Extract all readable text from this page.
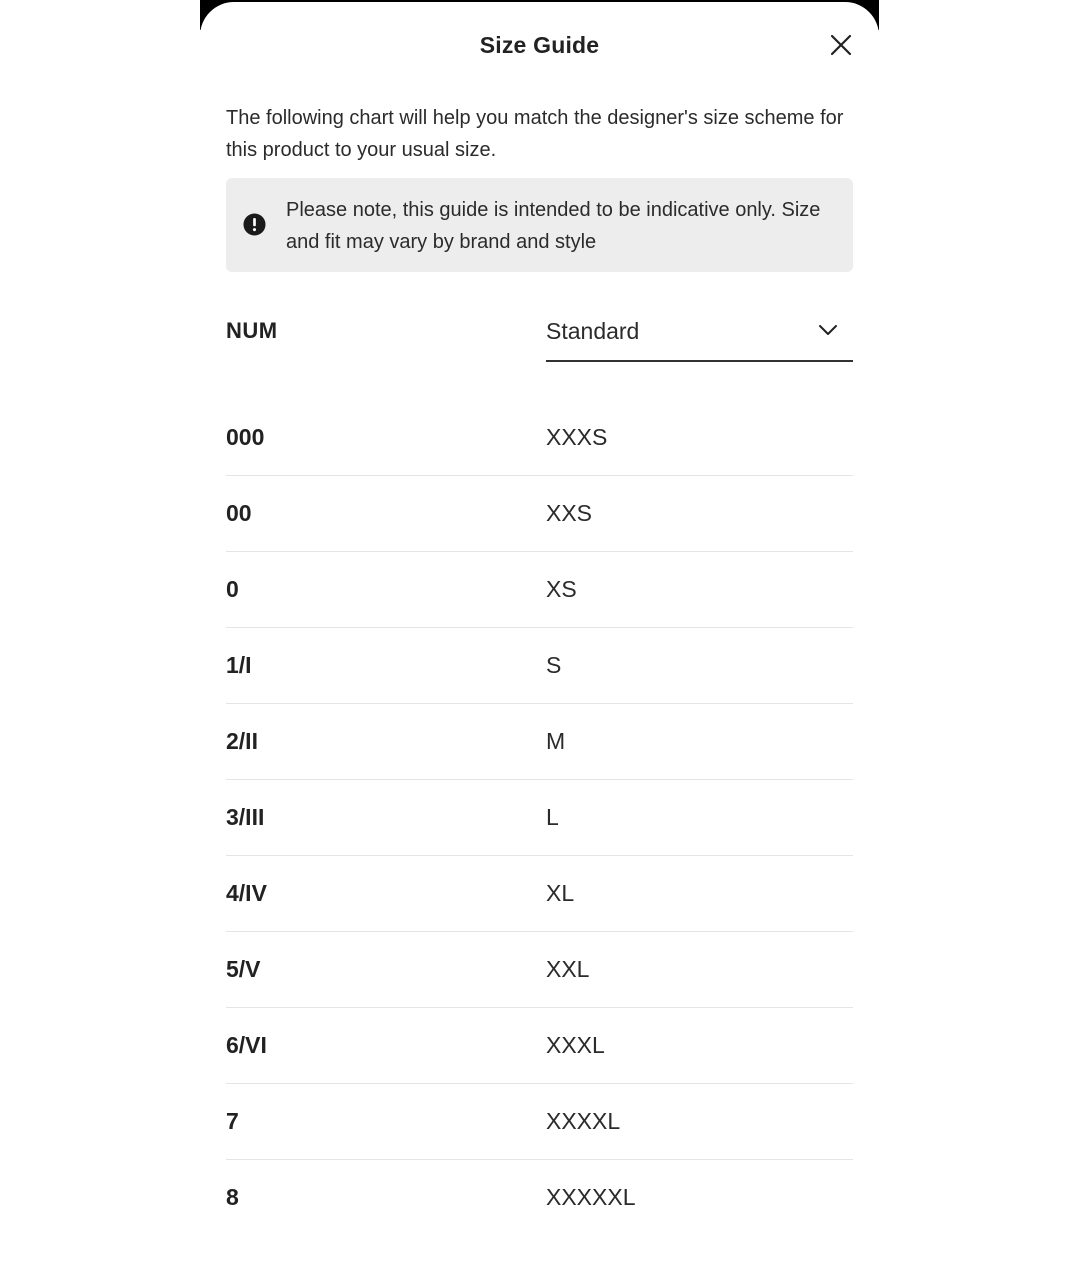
Size Guide
The following chart will help you match the designer's size scheme for this product to your usual size.
Please note, this guide is intended to be indicative only. Size and fit may vary by brand and style
NUM	Standard
000	XXXS
00	XXS
0	XS
1/I	S
2/II	M
3/III	L
4/IV	XL
5/V	XXL
6/VI	XXXL
7	XXXXL
8	XXXXXL
